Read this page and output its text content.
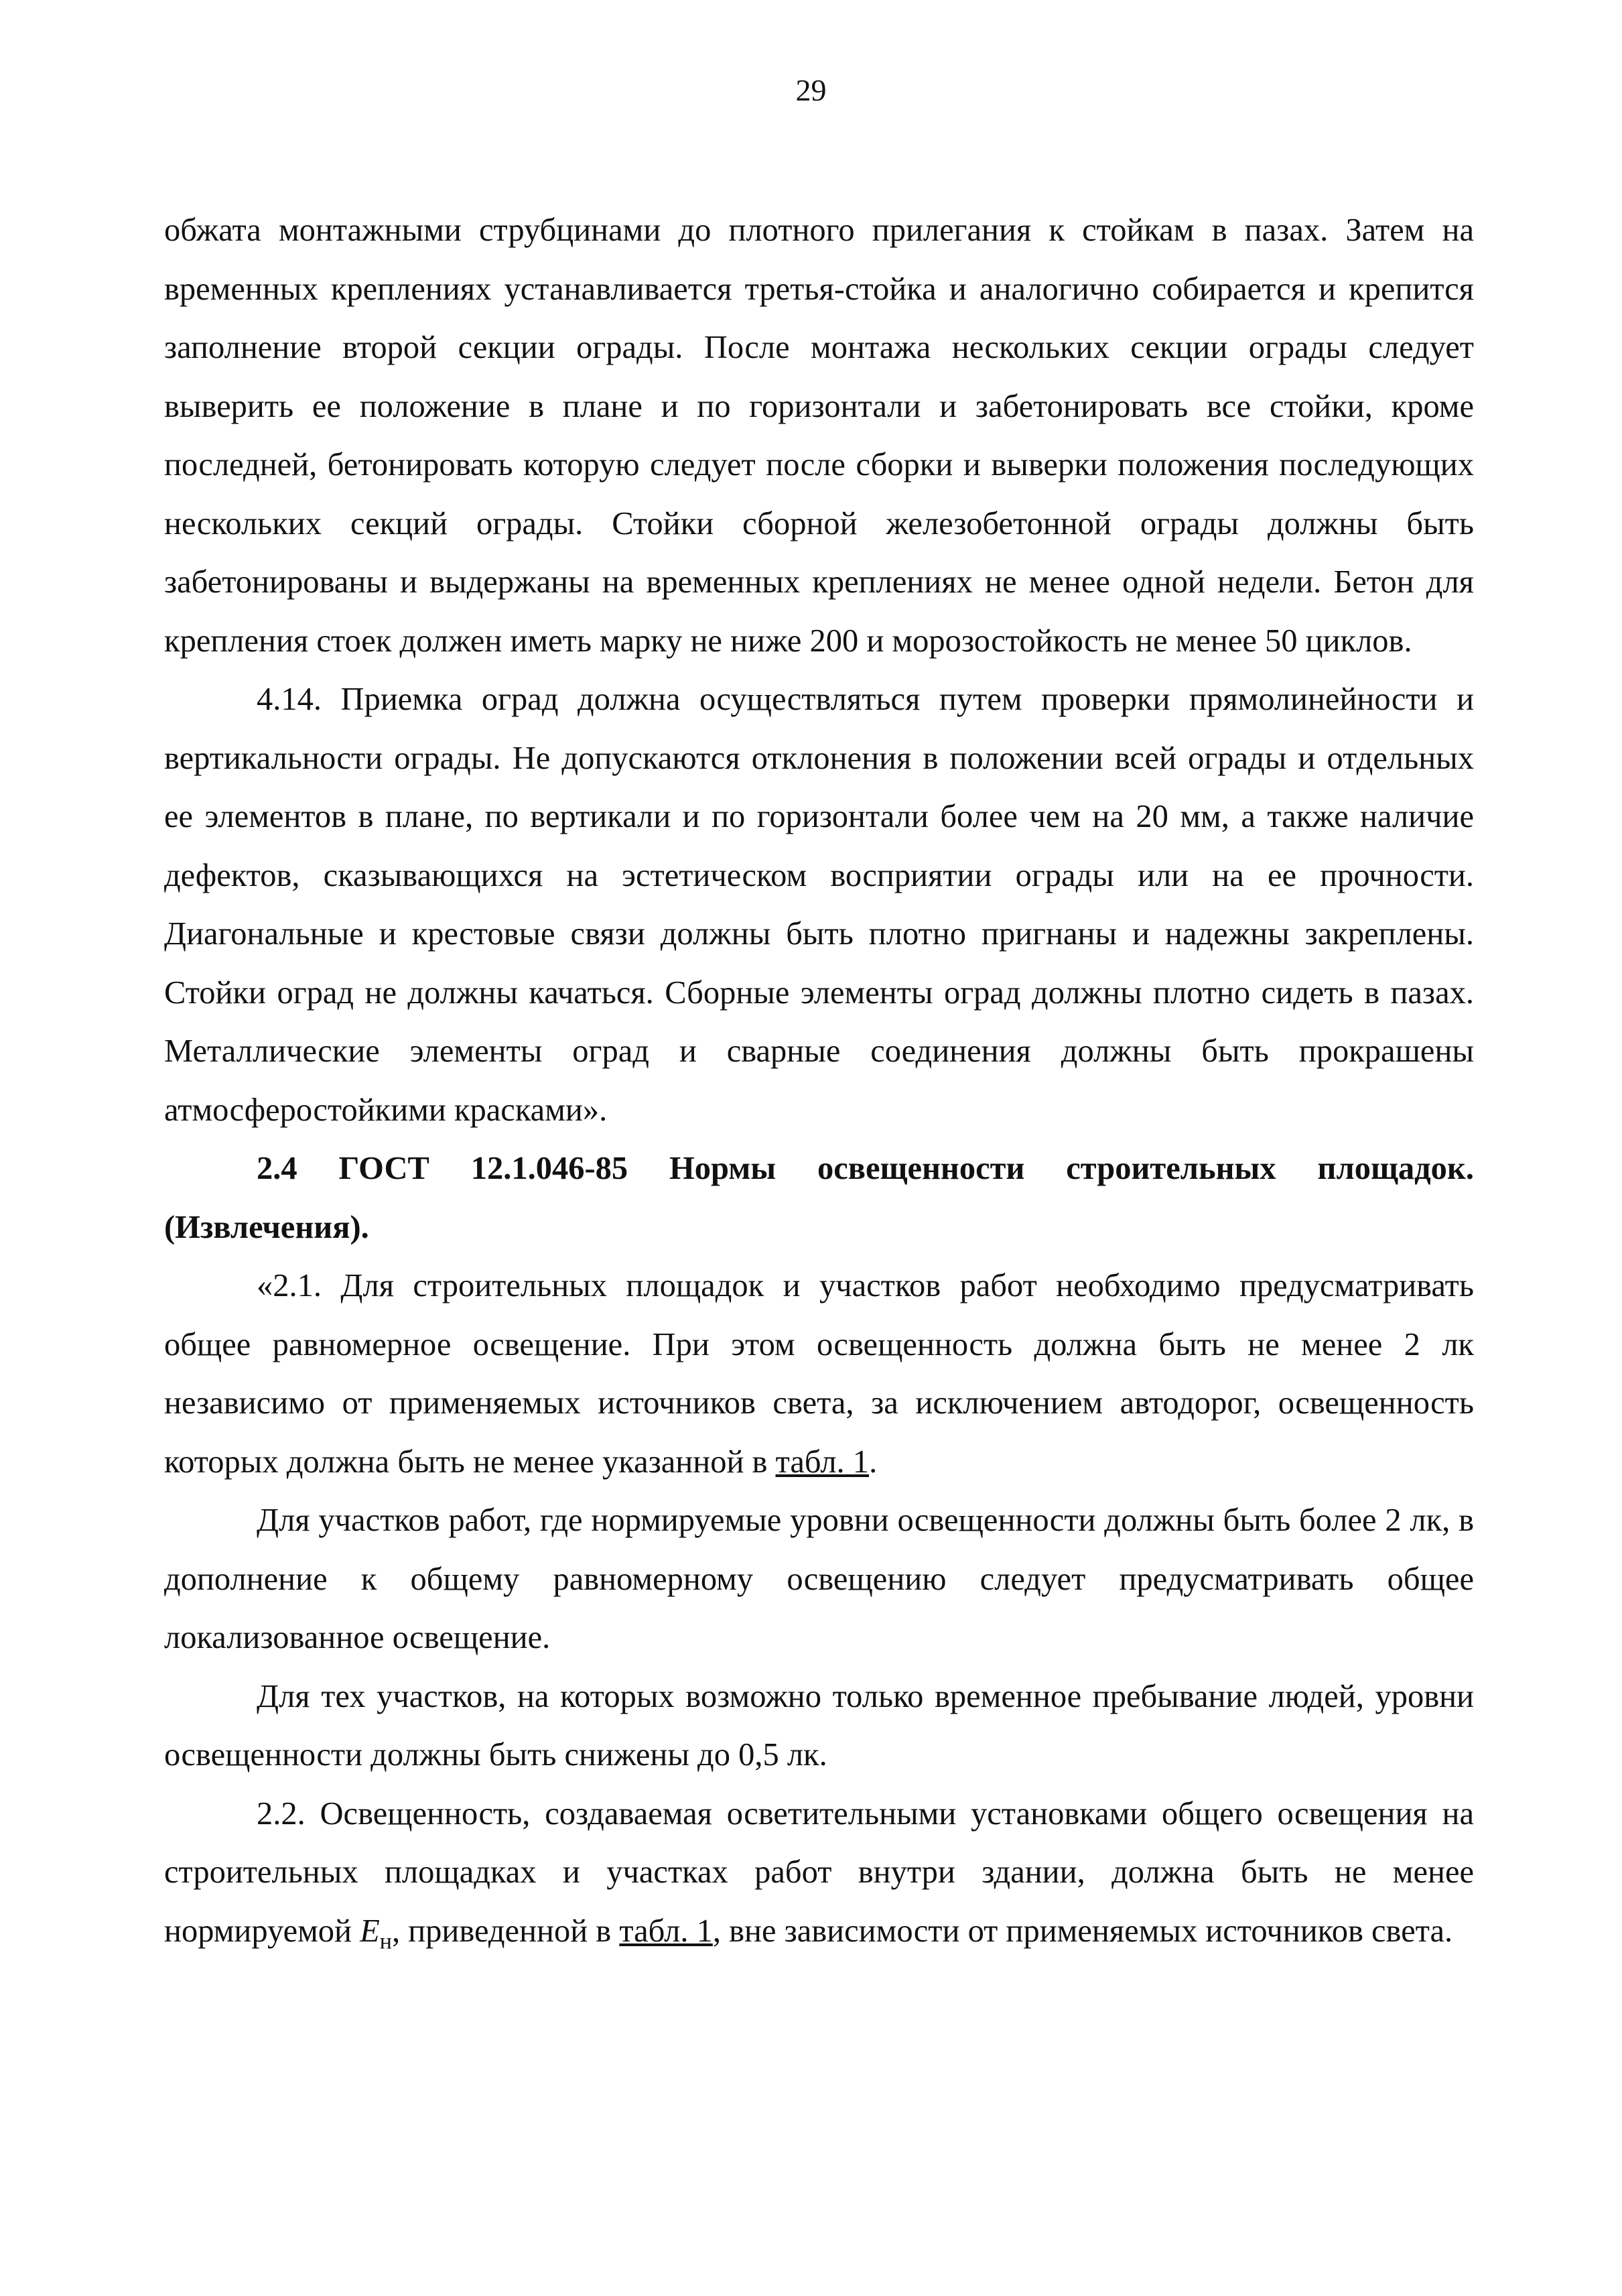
29

обжата монтажными струбцинами до плотного прилегания к стойкам в пазах. Затем на временных креплениях устанавливается третья-стойка и аналогично собирается и крепится заполнение второй секции ограды. После монтажа нескольких секции ограды следует выверить ее положение в плане и по горизонтали и забетонировать все стойки, кроме последней, бетонировать которую следует после сборки и выверки положения последующих нескольких секций ограды. Стойки сборной железобетонной ограды должны быть забетонированы и выдержаны на временных креплениях не менее одной недели. Бетон для крепления стоек должен иметь марку не ниже 200 и морозостойкость не менее 50 циклов.

4.14. Приемка оград должна осуществляться путем проверки прямолинейности и вертикальности ограды. Не допускаются отклонения в положении всей ограды и отдельных ее элементов в плане, по вертикали и по горизонтали более чем на 20 мм, а также наличие дефектов, сказывающихся на эстетическом восприятии ограды или на ее прочности. Диагональные и крестовые связи должны быть плотно пригнаны и надежны закреплены. Стойки оград не должны качаться. Сборные элементы оград должны плотно сидеть в пазах. Металлические элементы оград и сварные соединения должны быть прокрашены атмосферостойкими красками».

2.4 ГОСТ 12.1.046-85 Нормы освещенности строительных площадок. (Извлечения).

«2.1. Для строительных площадок и участков работ необходимо предусматривать общее равномерное освещение. При этом освещенность должна быть не менее 2 лк независимо от применяемых источников света, за исключением автодорог, освещенность которых должна быть не менее указанной в табл. 1.

Для участков работ, где нормируемые уровни освещенности должны быть более 2 лк, в дополнение к общему равномерному освещению следует предусматривать общее локализованное освещение.

Для тех участков, на которых возможно только временное пребывание людей, уровни освещенности должны быть снижены до 0,5 лк.

2.2. Освещенность, создаваемая осветительными установками общего освещения на строительных площадках и участках работ внутри здании, должна быть не менее нормируемой $E_н$, приведенной в табл. 1, вне зависимости от применяемых источников света.
